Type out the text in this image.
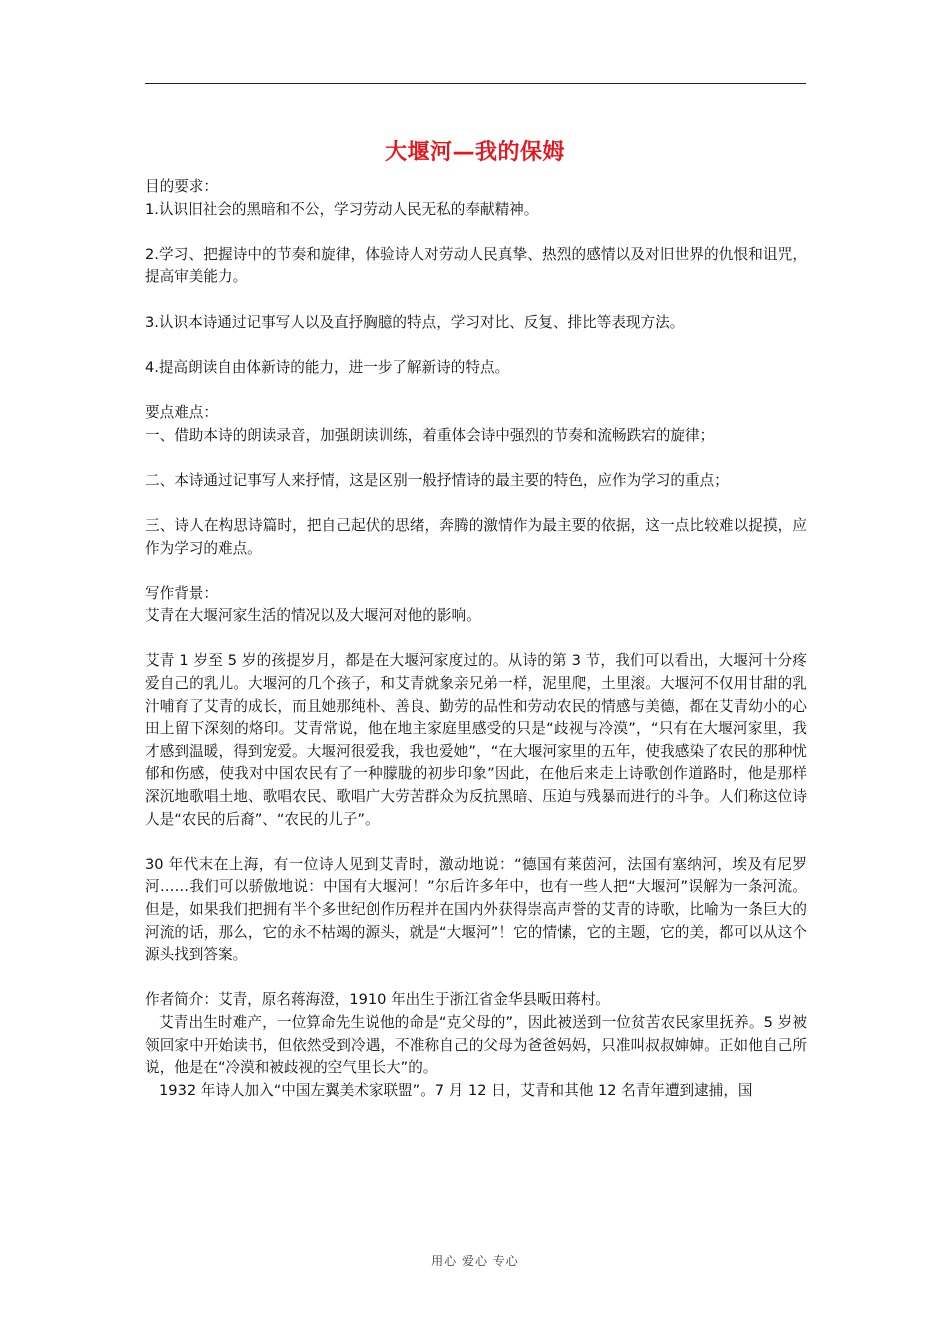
大堰河—我的保姆

目的要求：

1.认识旧社会的黑暗和不公，学习劳动人民无私的奉献精神。

2.学习、把握诗中的节奏和旋律，体验诗人对劳动人民真挚、热烈的感情以及对旧世界的仇恨和诅咒，提高审美能力。

3.认识本诗通过记事写人以及直抒胸臆的特点，学习对比、反复、排比等表现方法。

4.提高朗读自由体新诗的能力，进一步了解新诗的特点。

要点难点：

一、借助本诗的朗读录音，加强朗读训练，着重体会诗中强烈的节奏和流畅跌宕的旋律；

二、本诗通过记事写人来抒情，这是区别一般抒情诗的最主要的特色，应作为学习的重点；

三、诗人在构思诗篇时，把自己起伏的思绪，奔腾的激情作为最主要的依据，这一点比较难以捉摸，应作为学习的难点。

写作背景：

艾青在大堰河家生活的情况以及大堰河对他的影响。

艾青 1 岁至 5 岁的孩提岁月，都是在大堰河家度过的。从诗的第 3 节，我们可以看出，大堰河十分疼爱自己的乳儿。大堰河的几个孩子，和艾青就象亲兄弟一样，泥里爬，土里滚。大堰河不仅用甘甜的乳汁哺育了艾青的成长，而且她那纯朴、善良、勤劳的品性和劳动农民的情感与美德，都在艾青幼小的心田上留下深刻的烙印。艾青常说，他在地主家庭里感受的只是“歧视与冷漠”，“只有在大堰河家里，我才感到温暖，得到宠爱。大堰河很爱我，我也爱她”，“在大堰河家里的五年，使我感染了农民的那种忧郁和伤感，使我对中国农民有了一种朦胧的初步印象”因此，在他后来走上诗歌创作道路时，他是那样深沉地歌唱土地、歌唱农民、歌唱广大劳苦群众为反抗黑暗、压迫与残暴而进行的斗争。人们称这位诗人是“农民的后裔”、“农民的儿子”。

30 年代末在上海，有一位诗人见到艾青时，激动地说：“德国有莱茵河，法国有塞纳河，埃及有尼罗河……我们可以骄傲地说：中国有大堰河！”尔后许多年中，也有一些人把“大堰河”误解为一条河流。但是，如果我们把拥有半个多世纪创作历程并在国内外获得崇高声誉的艾青的诗歌，比喻为一条巨大的河流的话，那么，它的永不枯竭的源头，就是“大堰河”！它的情愫，它的主题，它的美，都可以从这个源头找到答案。

作者简介：艾青，原名蒋海澄，1910 年出生于浙江省金华县畈田蒋村。

艾青出生时难产，一位算命先生说他的命是“克父母的”，因此被送到一位贫苦农民家里抚养。5 岁被领回家中开始读书，但依然受到冷遇，不准称自己的父母为爸爸妈妈，只准叫叔叔婶婶。正如他自己所说，他是在“冷漠和被歧视的空气里长大”的。

1932 年诗人加入“中国左翼美术家联盟”。7 月 12 日，艾青和其他 12 名青年遭到逮捕，国

用心 爱心 专心
